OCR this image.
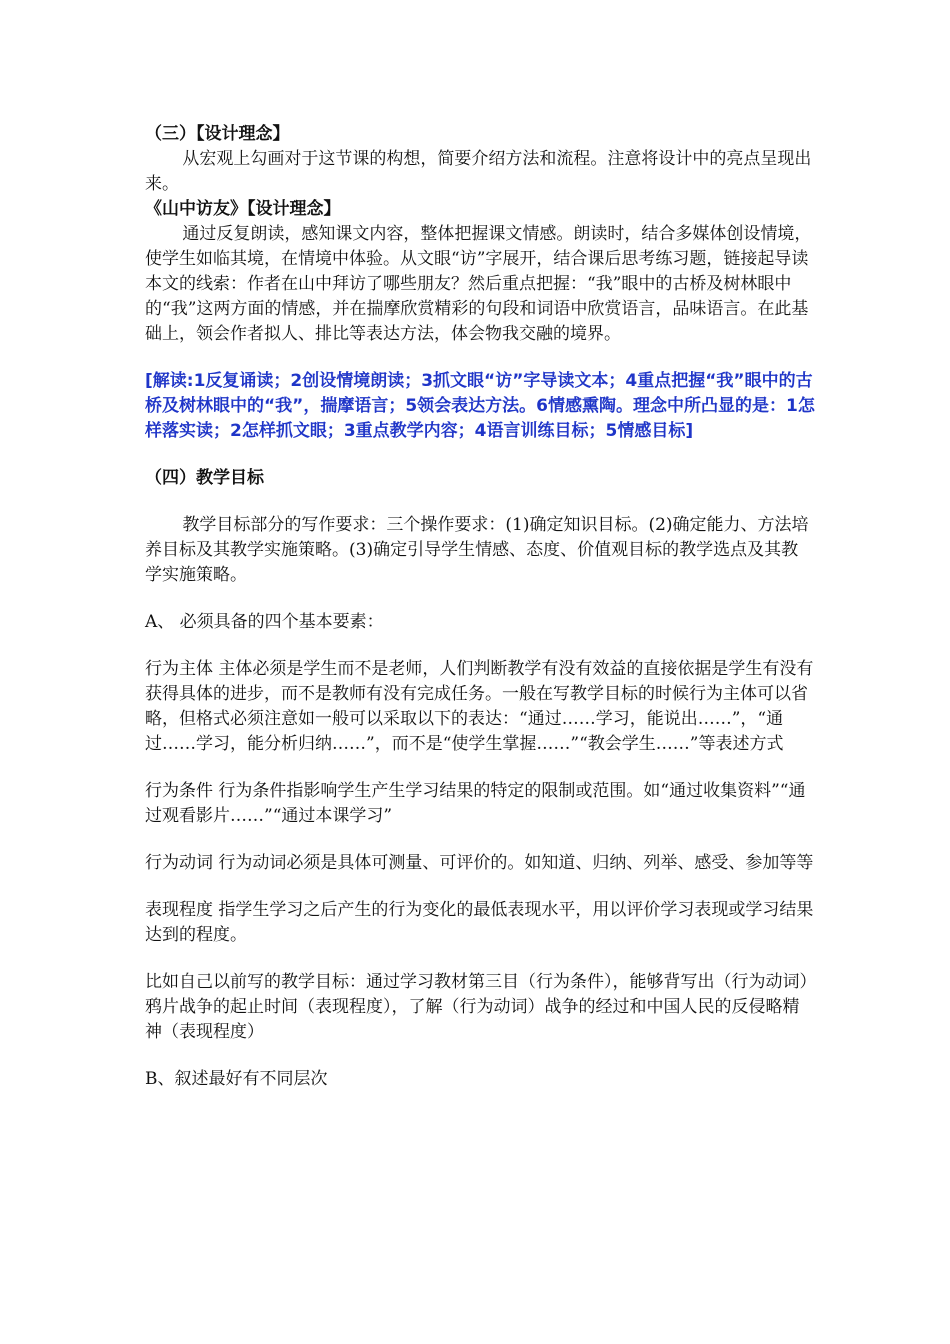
（三）【设计理念】

从宏观上勾画对于这节课的构想，简要介绍方法和流程。注意将设计中的亮点呈现出来。

《山中访友》【设计理念】

通过反复朗读，感知课文内容，整体把握课文情感。朗读时，结合多媒体创设情境，使学生如临其境，在情境中体验。从文眼“访”字展开，结合课后思考练习题，链接起导读本文的线索：作者在山中拜访了哪些朋友？然后重点把握：“我”眼中的古桥及树林眼中的“我”这两方面的情感，并在揣摩欣赏精彩的句段和词语中欣赏语言，品味语言。在此基础上，领会作者拟人、排比等表达方法，体会物我交融的境界。

[解读:1反复诵读；2创设情境朗读；3抓文眼“访”字导读文本；4重点把握“我”眼中的古桥及树林眼中的“我”，揣摩语言；5领会表达方法。6情感熏陶。理念中所凸显的是：1怎样落实读；2怎样抓文眼；3重点教学内容；4语言训练目标；5情感目标]

（四）教学目标

教学目标部分的写作要求：三个操作要求：(1)确定知识目标。(2)确定能力、方法培养目标及其教学实施策略。(3)确定引导学生情感、态度、价值观目标的教学选点及其教学实施策略。

A、 必须具备的四个基本要素：

行为主体 主体必须是学生而不是老师，人们判断教学有没有效益的直接依据是学生有没有获得具体的进步，而不是教师有没有完成任务。一般在写教学目标的时候行为主体可以省略，但格式必须注意如一般可以采取以下的表达：“通过……学习，能说出……”，“通过……学习，能分析归纳……”，而不是“使学生掌握……”“教会学生……”等表述方式

行为条件 行为条件指影响学生产生学习结果的特定的限制或范围。如“通过收集资料”“通过观看影片……”“通过本课学习”

行为动词 行为动词必须是具体可测量、可评价的。如知道、归纳、列举、感受、参加等等

表现程度 指学生学习之后产生的行为变化的最低表现水平，用以评价学习表现或学习结果达到的程度。

比如自己以前写的教学目标：通过学习教材第三目（行为条件），能够背写出（行为动词）鸦片战争的起止时间（表现程度），了解（行为动词）战争的经过和中国人民的反侵略精神（表现程度）

B、叙述最好有不同层次
